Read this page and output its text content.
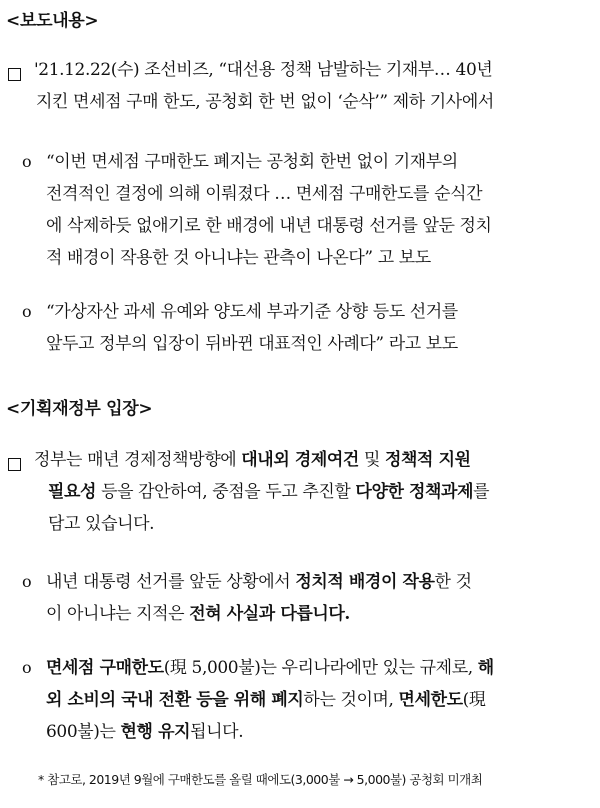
<보도내용>
'21.12.22(수) 조선비즈, “대선용 정책 남발하는 기재부… 40년
지킨 면세점 구매 한도, 공청회 한 번 없이 ‘순삭’” 제하 기사에서
o “이번 면세점 구매한도 폐지는 공청회 한번 없이 기재부의
전격적인 결정에 의해 이뤄졌다 … 면세점 구매한도를 순식간
에 삭제하듯 없애기로 한 배경에 내년 대통령 선거를 앞둔 정치
적 배경이 작용한 것 아니냐는 관측이 나온다” 고 보도
o “가상자산 과세 유예와 양도세 부과기준 상향 등도 선거를
앞두고 정부의 입장이 뒤바뀐 대표적인 사례다” 라고 보도
<기획재정부 입장>
정부는 매년 경제정책방향에 대내외 경제여건 및 정책적 지원
필요성 등을 감안하여, 중점을 두고 추진할 다양한 정책과제를
담고 있습니다.
o 내년 대통령 선거를 앞둔 상황에서 정치적 배경이 작용한 것
이 아니냐는 지적은 전혀 사실과 다릅니다.
o 면세점 구매한도(現 5,000불)는 우리나라에만 있는 규제로, 해
외 소비의 국내 전환 등을 위해 폐지하는 것이며, 면세한도(現
600불)는 현행 유지됩니다.
* 참고로, 2019년 9월에 구매한도를 올릴 때에도(3,000불 → 5,000불) 공청회 미개최
